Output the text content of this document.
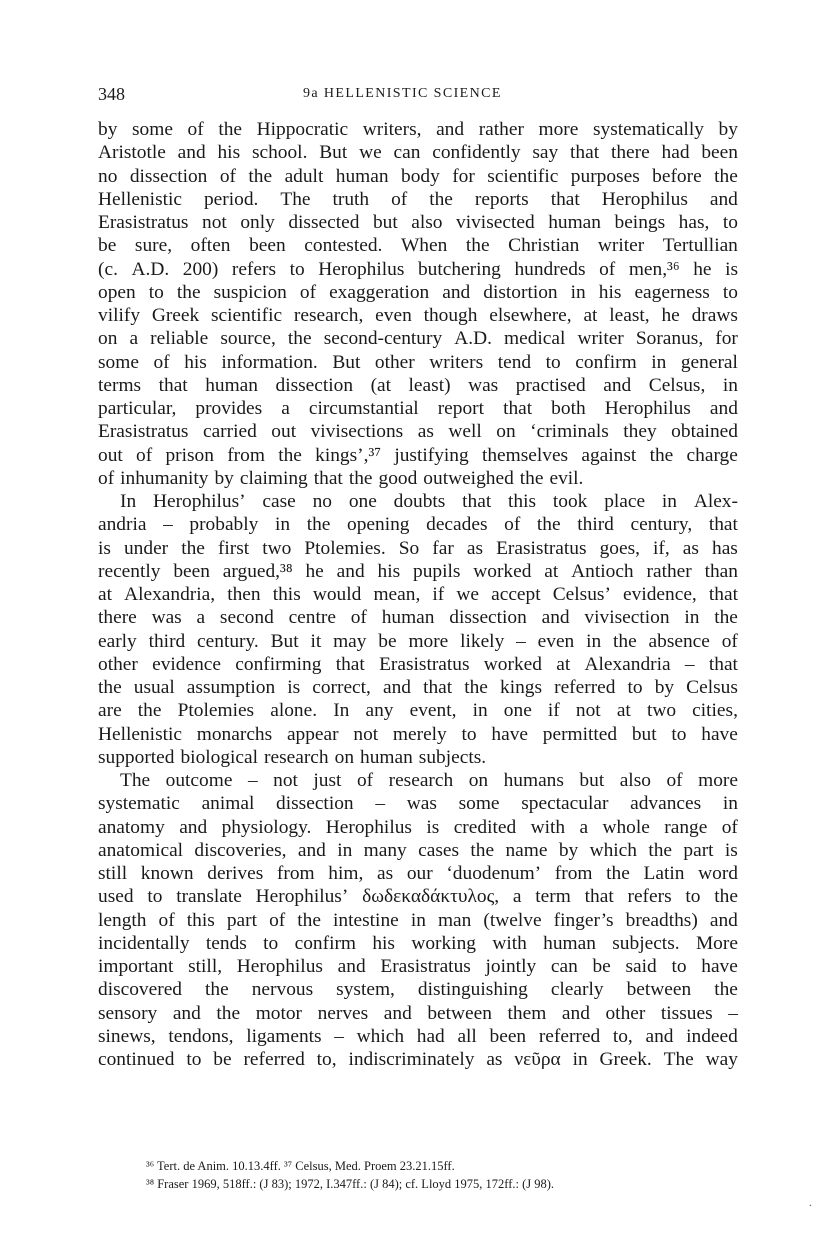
348	9a HELLENISTIC SCIENCE
by some of the Hippocratic writers, and rather more systematically by
Aristotle and his school. But we can confidently say that there had been
no dissection of the adult human body for scientific purposes before the
Hellenistic period. The truth of the reports that Herophilus and
Erasistratus not only dissected but also vivisected human beings has, to
be sure, often been contested. When the Christian writer Tertullian
(c. A.D. 200) refers to Herophilus butchering hundreds of men,³⁶ he is
open to the suspicion of exaggeration and distortion in his eagerness to
vilify Greek scientific research, even though elsewhere, at least, he draws
on a reliable source, the second-century A.D. medical writer Soranus, for
some of his information. But other writers tend to confirm in general
terms that human dissection (at least) was practised and Celsus, in
particular, provides a circumstantial report that both Herophilus and
Erasistratus carried out vivisections as well on ‘criminals they obtained
out of prison from the kings’,³⁷ justifying themselves against the charge
of inhumanity by claiming that the good outweighed the evil.
In Herophilus’ case no one doubts that this took place in Alex-
andria – probably in the opening decades of the third century, that
is under the first two Ptolemies. So far as Erasistratus goes, if, as has
recently been argued,³⁸ he and his pupils worked at Antioch rather than
at Alexandria, then this would mean, if we accept Celsus’ evidence, that
there was a second centre of human dissection and vivisection in the
early third century. But it may be more likely – even in the absence of
other evidence confirming that Erasistratus worked at Alexandria – that
the usual assumption is correct, and that the kings referred to by Celsus
are the Ptolemies alone. In any event, in one if not at two cities,
Hellenistic monarchs appear not merely to have permitted but to have
supported biological research on human subjects.
The outcome – not just of research on humans but also of more
systematic animal dissection – was some spectacular advances in
anatomy and physiology. Herophilus is credited with a whole range of
anatomical discoveries, and in many cases the name by which the part is
still known derives from him, as our ‘duodenum’ from the Latin word
used to translate Herophilus’ δωδεκαδάκτυλος, a term that refers to the
length of this part of the intestine in man (twelve finger’s breadths) and
incidentally tends to confirm his working with human subjects. More
important still, Herophilus and Erasistratus jointly can be said to have
discovered the nervous system, distinguishing clearly between the
sensory and the motor nerves and between them and other tissues –
sinews, tendons, ligaments – which had all been referred to, and indeed
continued to be referred to, indiscriminately as νεῦρα in Greek. The way
³⁶ Tert. de Anim. 10.13.4ff. ³⁷ Celsus, Med. Proem 23.21.15ff.
³⁸ Fraser 1969, 518ff.: (J 83); 1972, I.347ff.: (J 84); cf. Lloyd 1975, 172ff.: (J 98).
.
